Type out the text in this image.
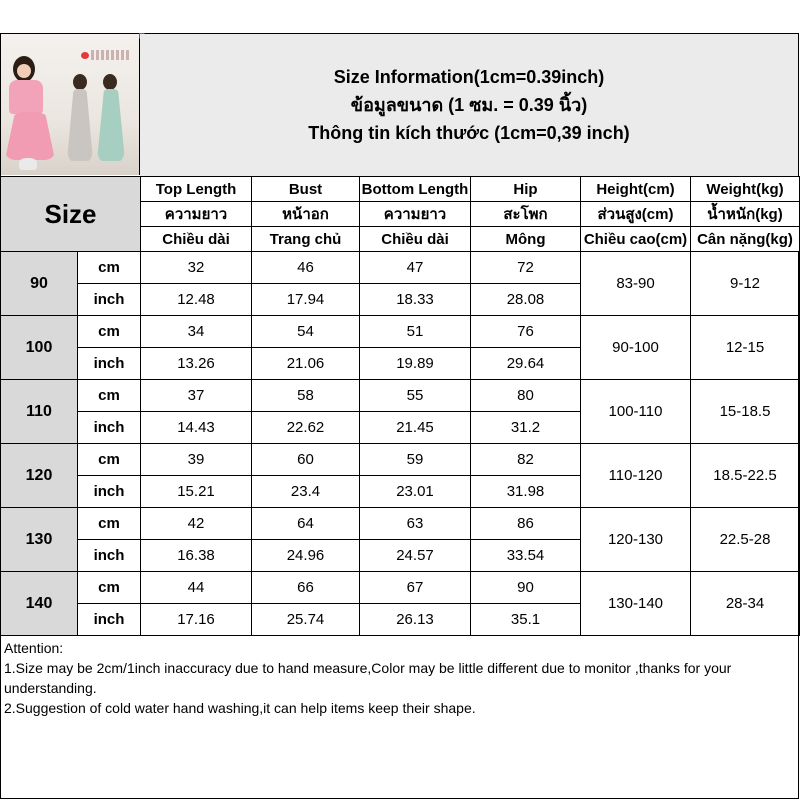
Size Information(1cm=0.39inch)
ข้อมูลขนาด (1 ซม. = 0.39 นิ้ว)
Thông tin kích thước (1cm=0,39 inch)
Size		Top Length	Bust	Bottom Length	Hip	Height(cm)	Weight(kg)
		ความยาว	หน้าอก	ความยาว	สะโพก	ส่วนสูง(cm)	น้ำหนัก(kg)
		Chiều dài	Trang chủ	Chiều dài	Mông	Chiều cao(cm)	Cân nặng(kg)
90	cm	32	46	47	72	83-90	9-12
	inch	12.48	17.94	18.33	28.08		
100	cm	34	54	51	76	90-100	12-15
	inch	13.26	21.06	19.89	29.64		
110	cm	37	58	55	80	100-110	15-18.5
	inch	14.43	22.62	21.45	31.2		
120	cm	39	60	59	82	110-120	18.5-22.5
	inch	15.21	23.4	23.01	31.98		
130	cm	42	64	63	86	120-130	22.5-28
	inch	16.38	24.96	24.57	33.54		
140	cm	44	66	67	90	130-140	28-34
	inch	17.16	25.74	26.13	35.1		

Attention:

1.Size may be 2cm/1inch inaccuracy due to hand measure,Color may be little different due to monitor ,thanks for your understanding.

2.Suggestion of cold water hand washing,it can help items keep their shape.
